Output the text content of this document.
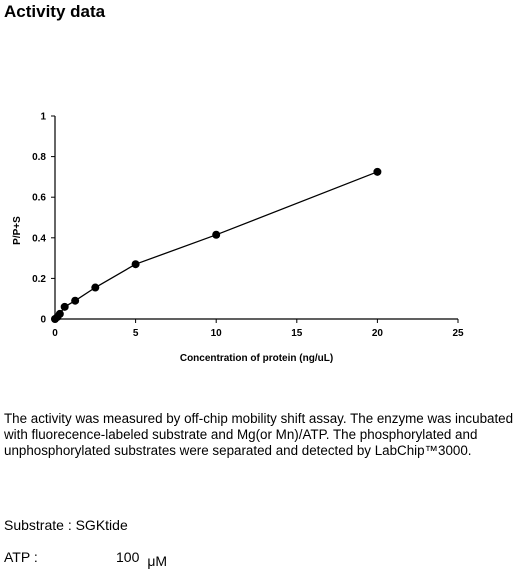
Activity data
0	5	10	15	20	25
0
0.2
0.4
0.6
0.8
1
Concentration of protein (ng/uL)
P/P+S

The activity was measured by off-chip mobility shift assay. The enzyme was incubated with fluorecence-labeled substrate and Mg(or Mn)/ATP. The phosphorylated and unphosphorylated substrates were separated and detected by LabChip™3000.

Substrate : SGKtide
ATP :	100 μM
